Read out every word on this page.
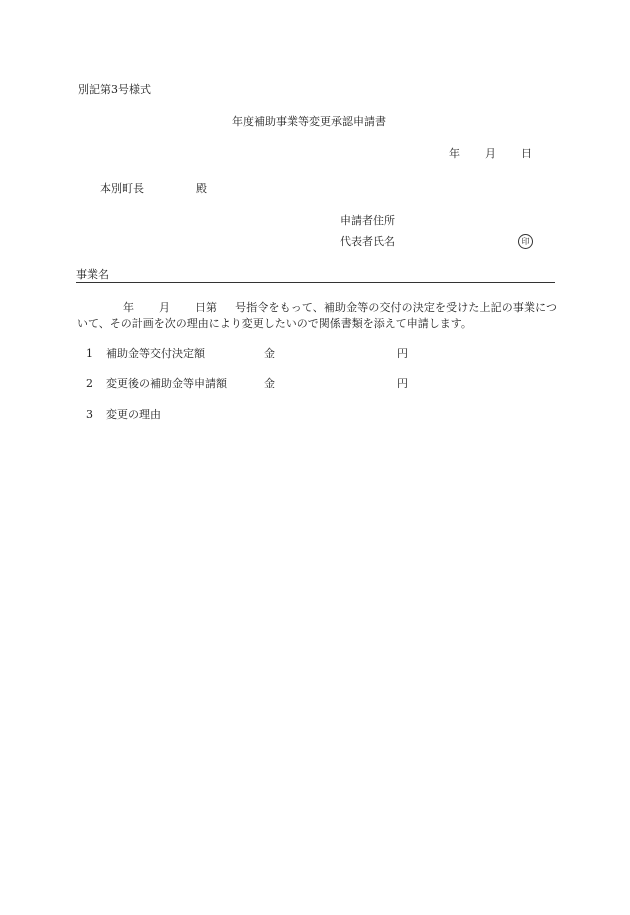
別記第3号様式
年度補助事業等変更承認申請書
年 月 日
本別町長	殿
申請者住所
代表者氏名	印
事業名
年 月 日第 号指令をもって、補助金等の交付の決定を受けた上記の事業について、その計画を次の理由により変更したいので関係書類を添えて申請します。
1 補助金等交付決定額	金	円
2 変更後の補助金等申請額	金	円
3 変更の理由
